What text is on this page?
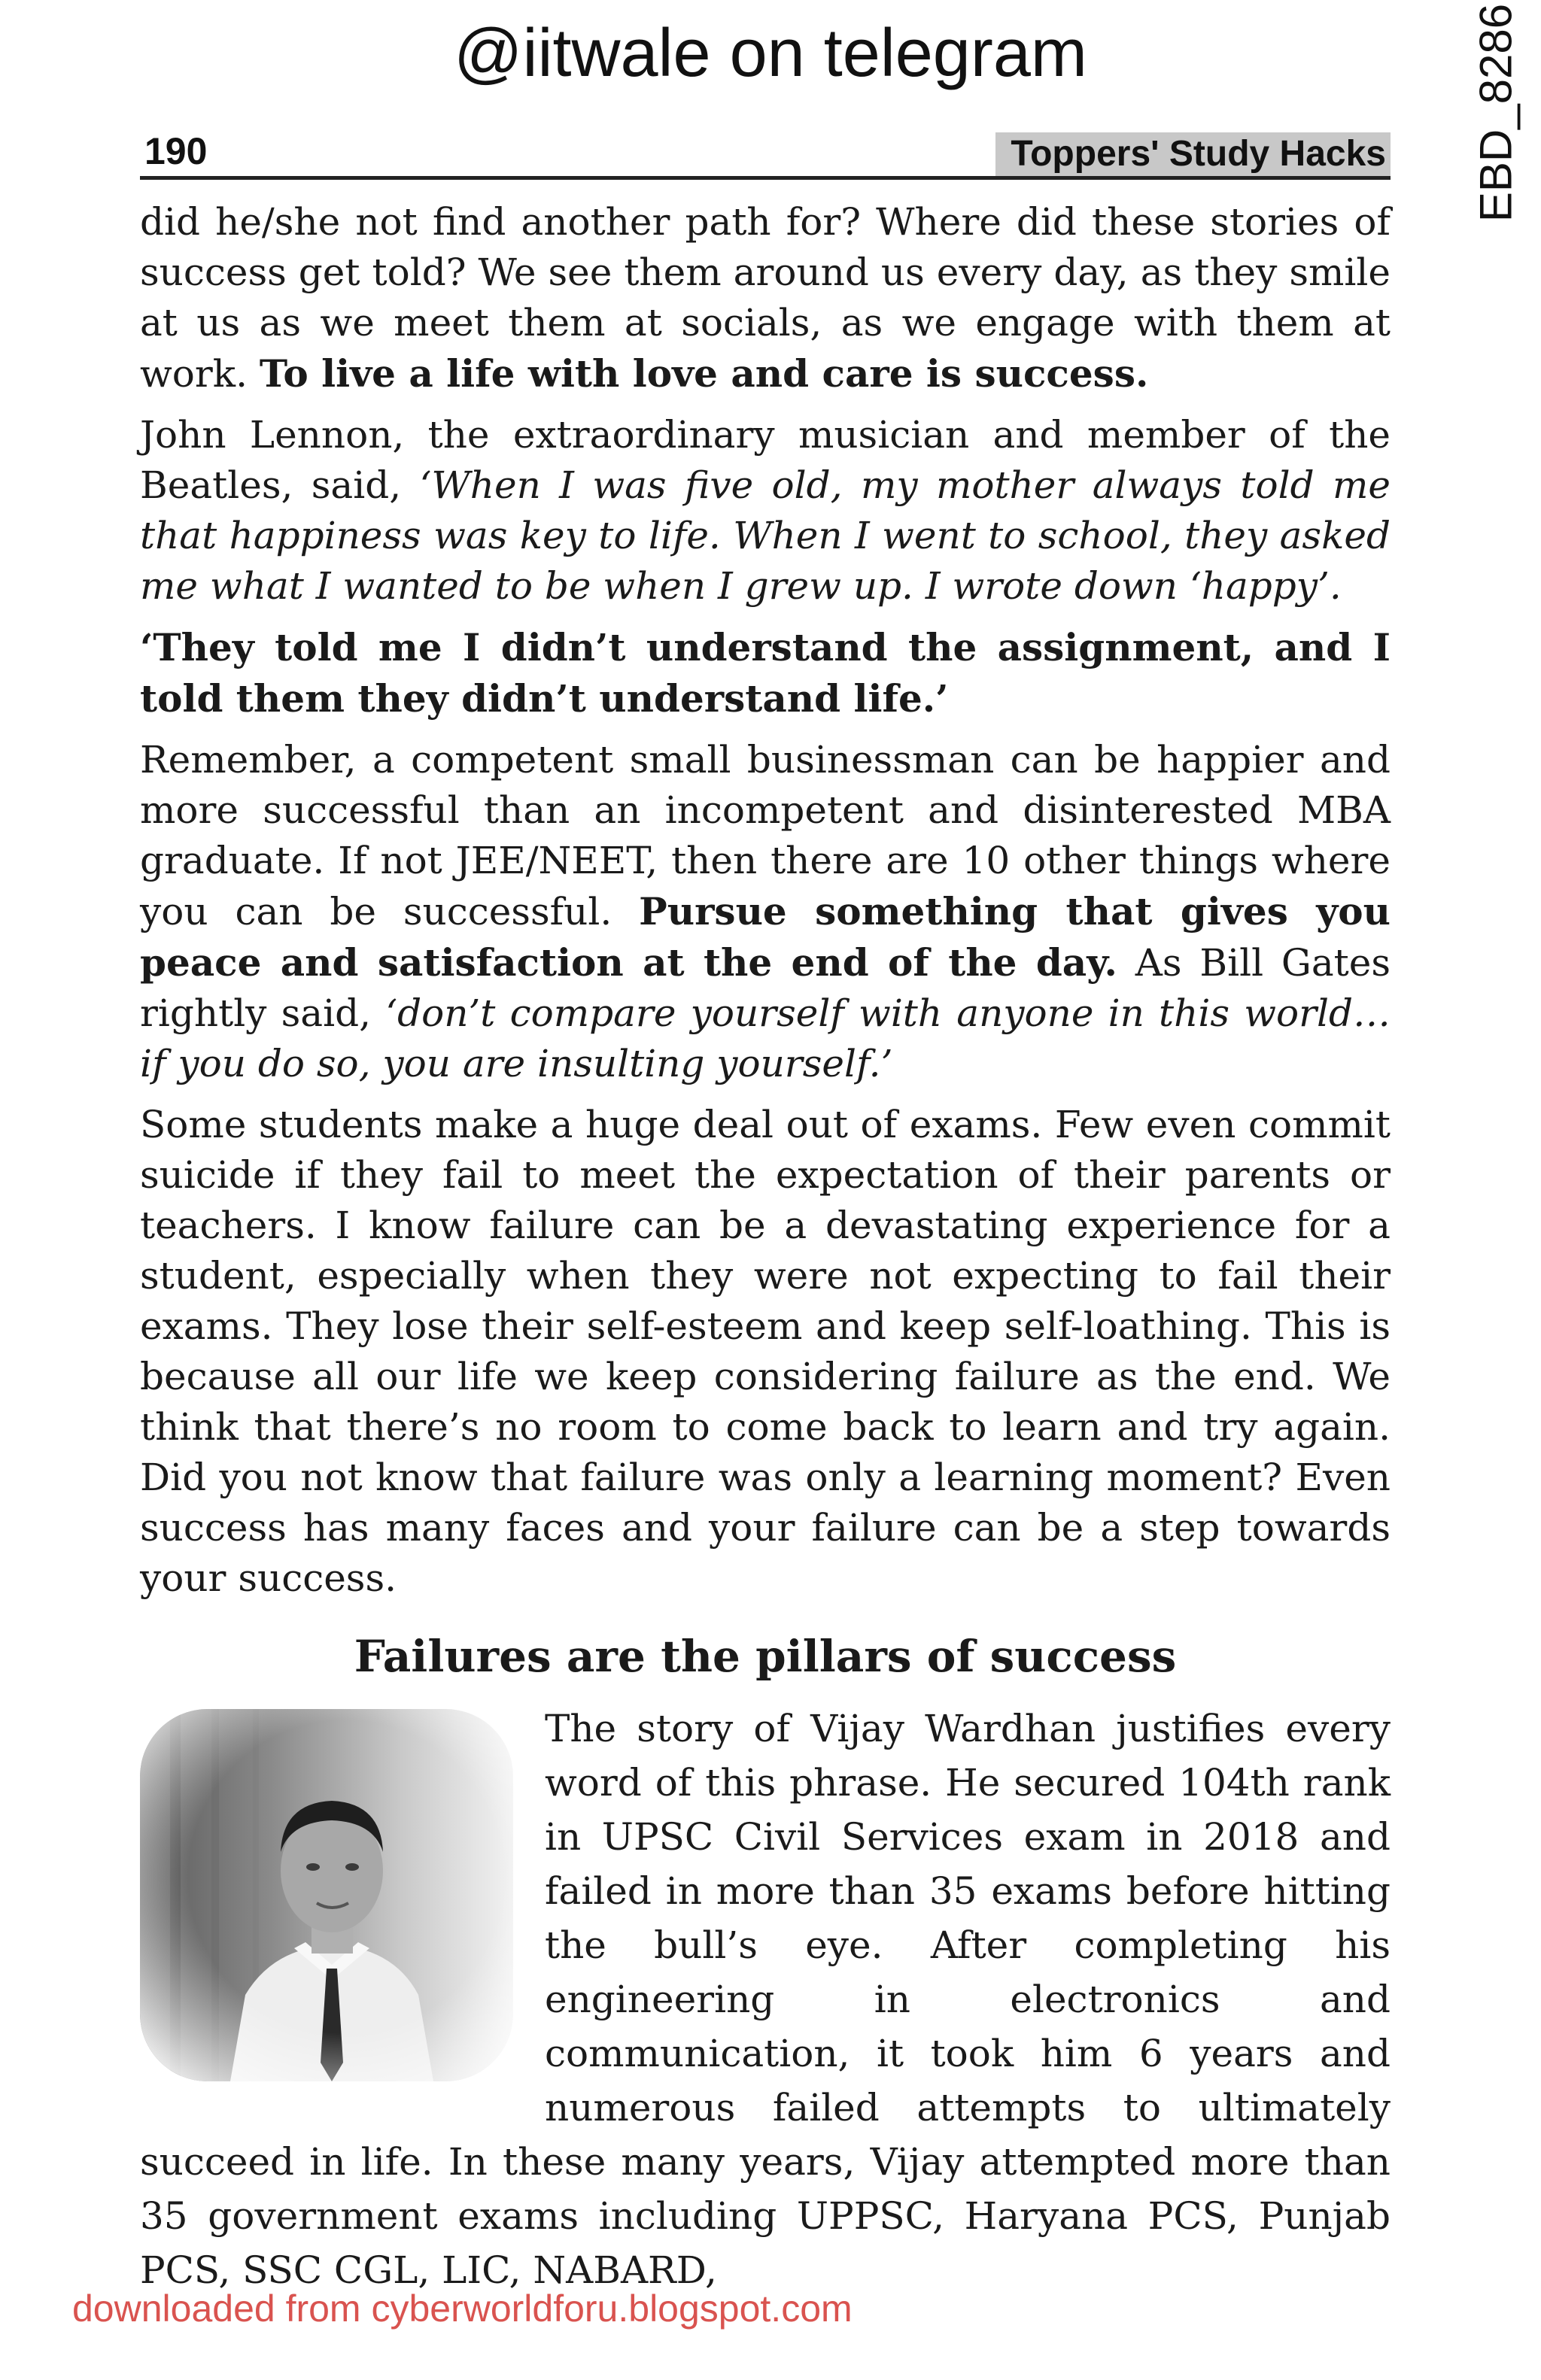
@iitwale on telegram	EBD_8286
190	Toppers' Study Hacks

did he/she not find another path for? Where did these stories of success get told? We see them around us every day, as they smile at us as we meet them at socials, as we engage with them at work. To live a life with love and care is success.

John Lennon, the extraordinary musician and member of the Beatles, said, ‘When I was five old, my mother always told me that happiness was key to life. When I went to school, they asked me what I wanted to be when I grew up. I wrote down ‘happy’.

‘They told me I didn’t understand the assignment, and I told them they didn’t understand life.’

Remember, a competent small businessman can be happier and more successful than an incompetent and disinterested MBA graduate. If not JEE/NEET, then there are 10 other things where you can be successful. Pursue something that gives you peace and satisfaction at the end of the day. As Bill Gates rightly said, ‘don’t compare yourself with anyone in this world…if you do so, you are insulting yourself.’

Some students make a huge deal out of exams. Few even commit suicide if they fail to meet the expectation of their parents or teachers. I know failure can be a devastating experience for a student, especially when they were not expecting to fail their exams. They lose their self-esteem and keep self-loathing. This is because all our life we keep considering failure as the end. We think that there’s no room to come back to learn and try again. Did you not know that failure was only a learning moment? Even success has many faces and your failure can be a step towards your success.

Failures are the pillars of success

The story of Vijay Wardhan justifies every word of this phrase. He secured 104th rank in UPSC Civil Services exam in 2018 and failed in more than 35 exams before hitting the bull’s eye. After completing his engineering in electronics and communication, it took him 6 years and numerous failed attempts to ultimately succeed in life. In these many years, Vijay attempted more than 35 government exams including UPPSC, Haryana PCS, Punjab PCS, SSC CGL, LIC, NABARD,

downloaded from cyberworldforu.blogspot.com
